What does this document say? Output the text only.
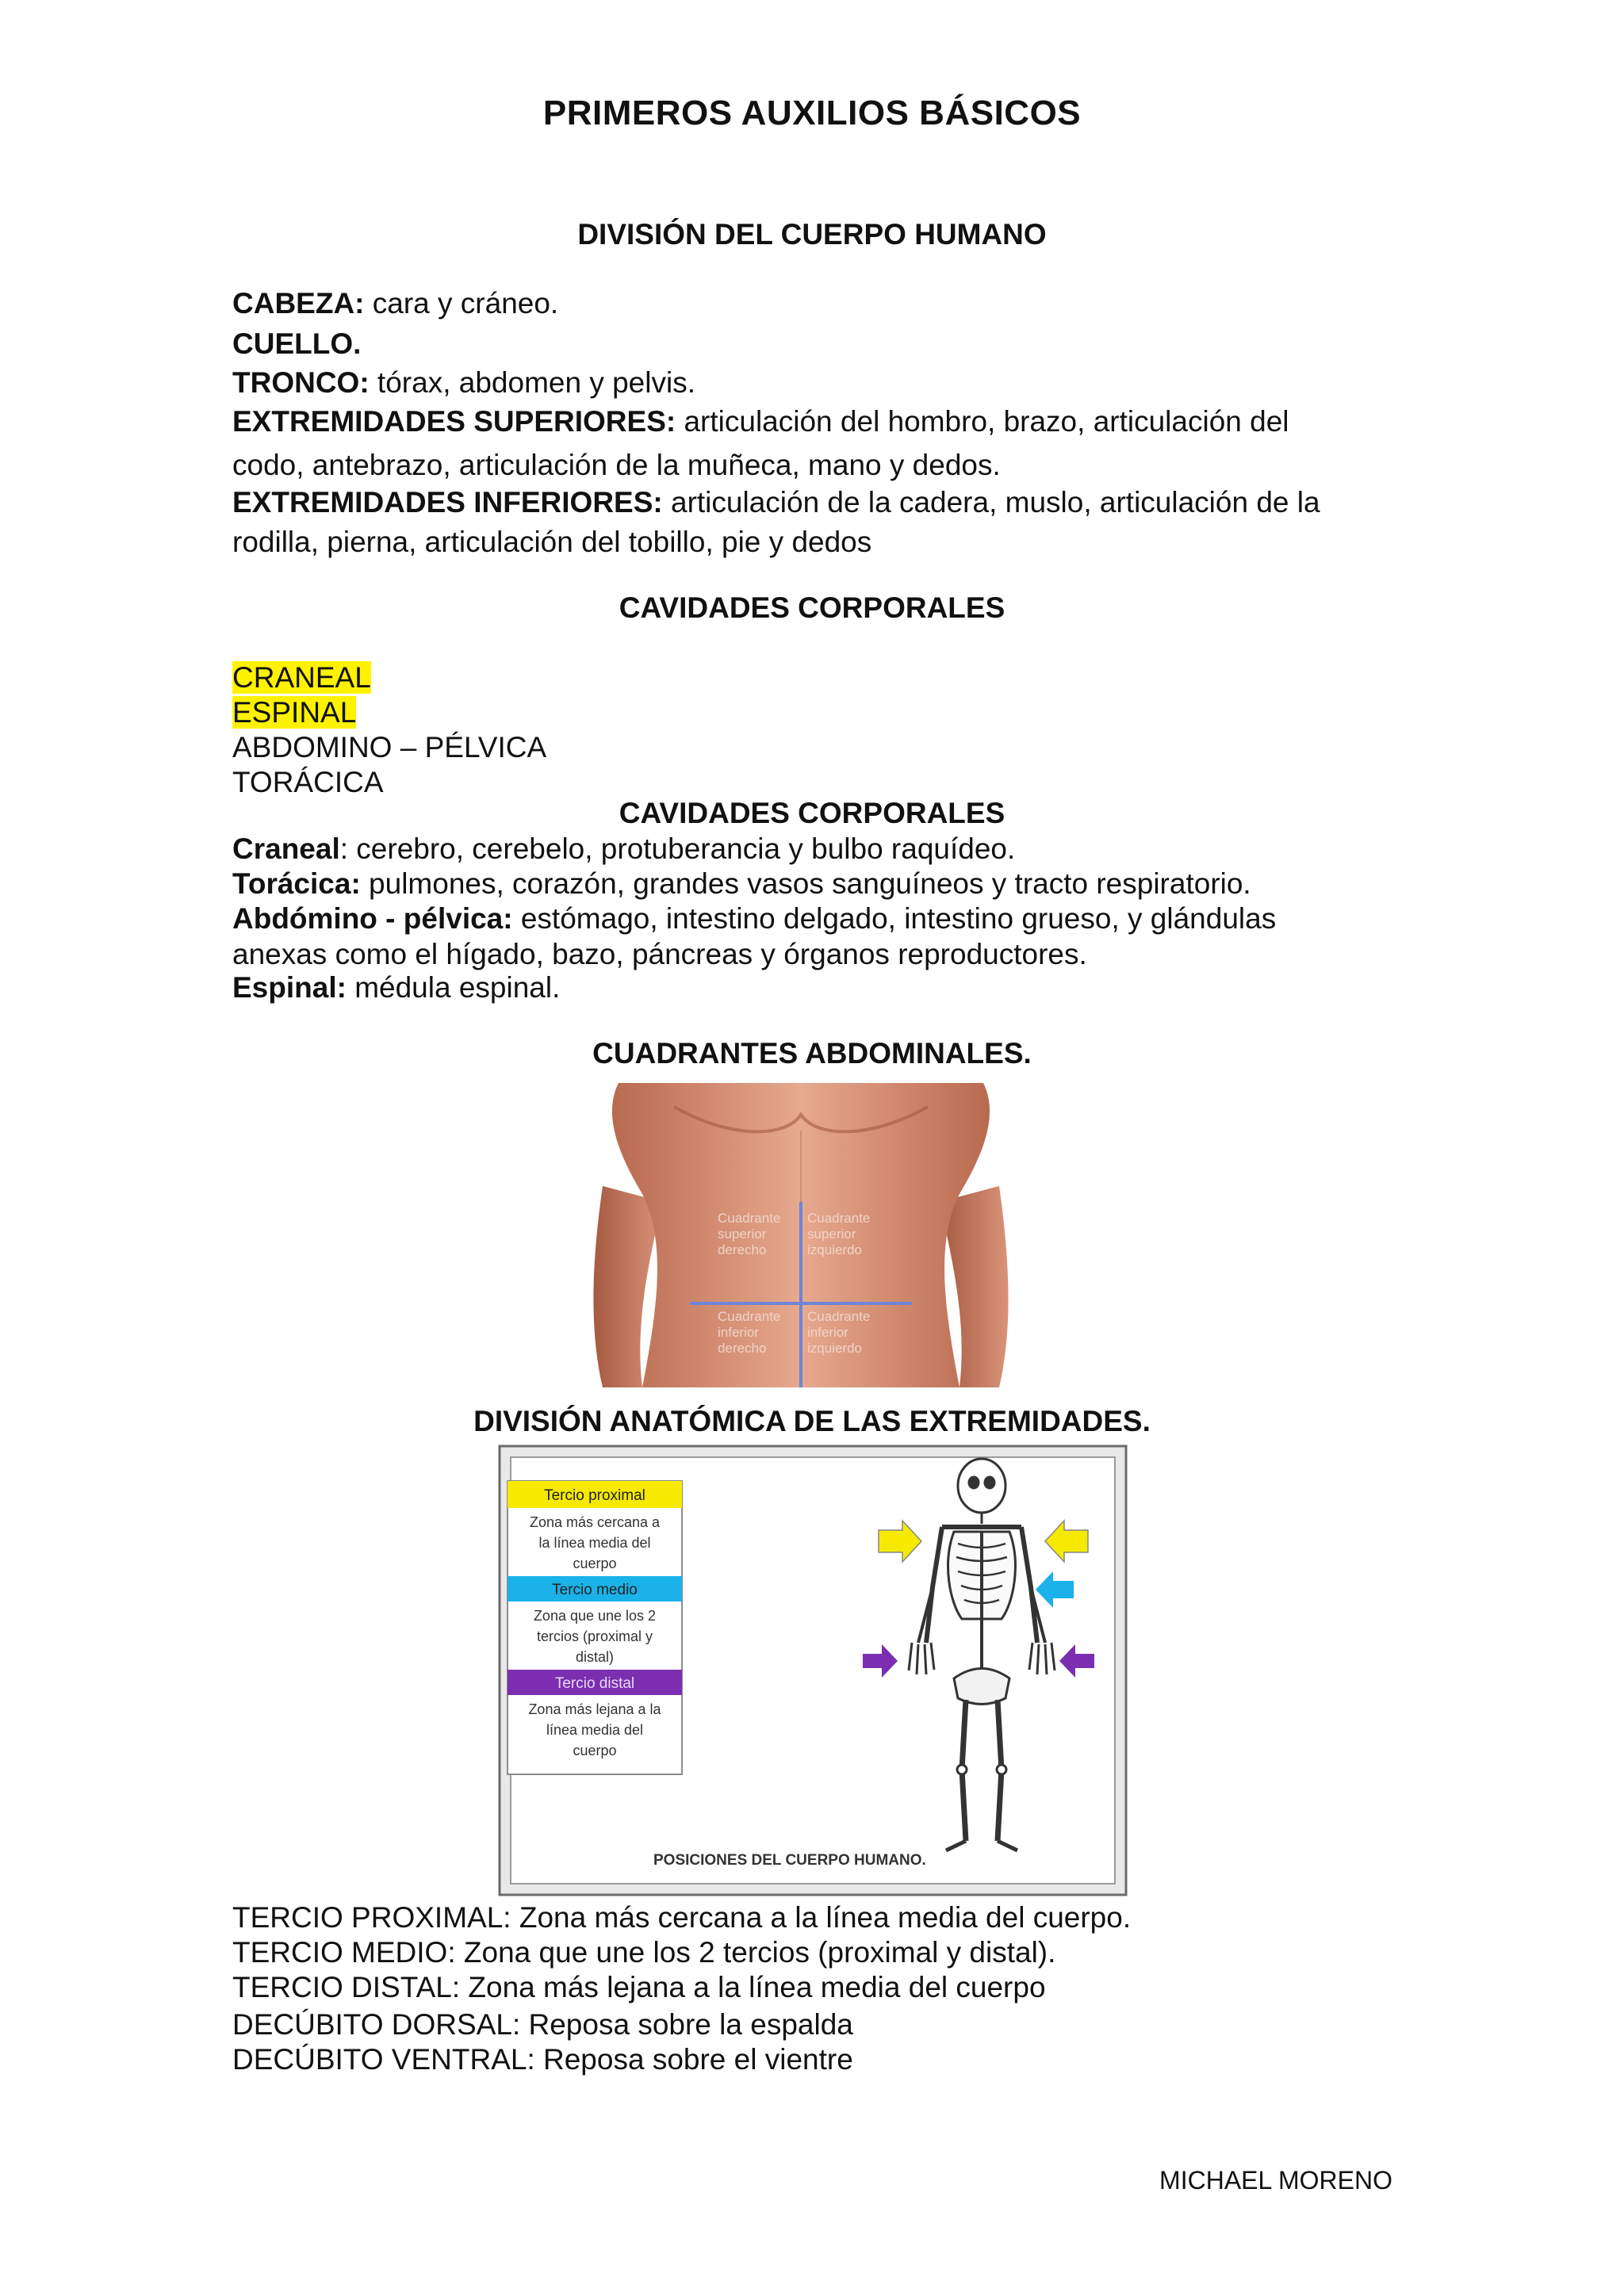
PRIMEROS AUXILIOS BÁSICOS
DIVISIÓN DEL CUERPO HUMANO
CABEZA: cara y cráneo.
CUELLO.
TRONCO: tórax, abdomen y pelvis.
EXTREMIDADES SUPERIORES: articulación del hombro, brazo, articulación del
codo, antebrazo, articulación de la muñeca, mano y dedos.
EXTREMIDADES INFERIORES: articulación de la cadera, muslo, articulación de la
rodilla, pierna, articulación del tobillo, pie y dedos
CAVIDADES CORPORALES
CRANEAL
ESPINAL
ABDOMINO – PÉLVICA
TORÁCICA
CAVIDADES CORPORALES
Craneal: cerebro, cerebelo, protuberancia y bulbo raquídeo.
Torácica: pulmones, corazón, grandes vasos sanguíneos y tracto respiratorio.
Abdómino - pélvica: estómago, intestino delgado, intestino grueso, y glándulas
anexas como el hígado, bazo, páncreas y órganos reproductores.
Espinal: médula espinal.
CUADRANTES ABDOMINALES.
Cuadrante
superior
derecho
Cuadrante
superior
izquierdo
Cuadrante
inferior
derecho
Cuadrante
inferior
izquierdo
DIVISIÓN ANATÓMICA DE LAS EXTREMIDADES.
Tercio proximal
Zona más cercana a
la línea media del
cuerpo
Tercio medio
Zona que une los 2
tercios (proximal y
distal)
Tercio distal
Zona más lejana a la
línea media del
cuerpo
POSICIONES DEL CUERPO HUMANO.
TERCIO PROXIMAL: Zona más cercana a la línea media del cuerpo.
TERCIO MEDIO: Zona que une los 2 tercios (proximal y distal).
TERCIO DISTAL: Zona más lejana a la línea media del cuerpo
DECÚBITO DORSAL: Reposa sobre la espalda
DECÚBITO VENTRAL: Reposa sobre el vientre
MICHAEL MORENO
